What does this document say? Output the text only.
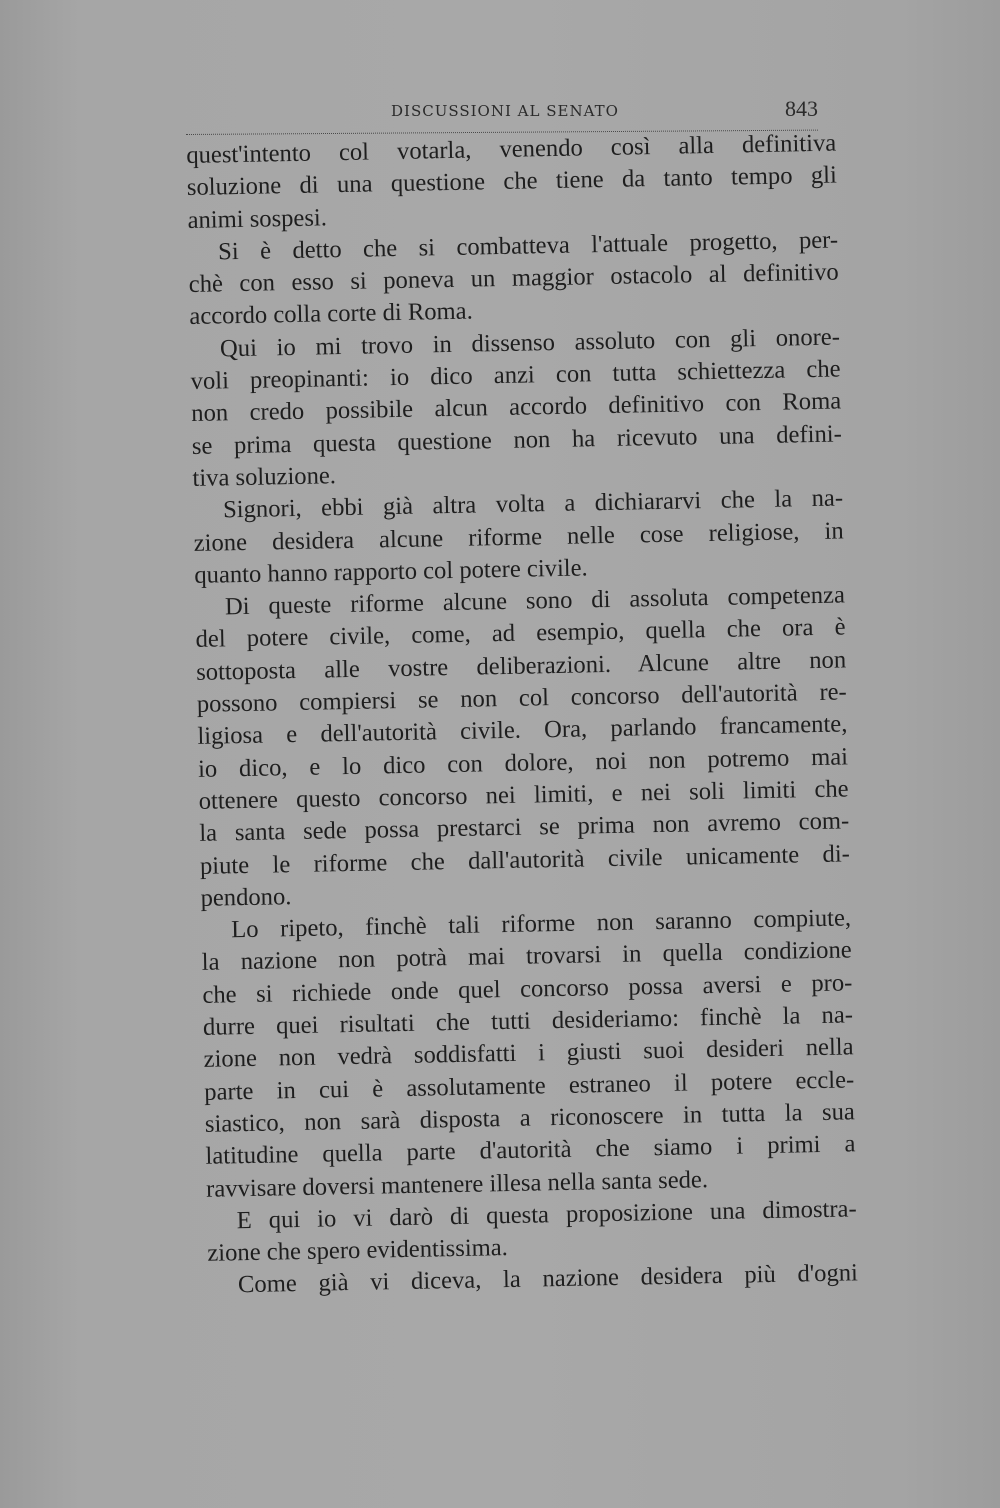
DISCUSSIONI AL SENATO	843
quest'intento col votarla, venendo così alla definitiva
soluzione di una questione che tiene da tanto tempo gli
animi sospesi.
Si è detto che si combatteva l'attuale progetto, per-
chè con esso si poneva un maggior ostacolo al definitivo
accordo colla corte di Roma.
Qui io mi trovo in dissenso assoluto con gli onore-
voli preopinanti: io dico anzi con tutta schiettezza che
non credo possibile alcun accordo definitivo con Roma
se prima questa questione non ha ricevuto una defini-
tiva soluzione.
Signori, ebbi già altra volta a dichiararvi che la na-
zione desidera alcune riforme nelle cose religiose, in
quanto hanno rapporto col potere civile.
Di queste riforme alcune sono di assoluta competenza
del potere civile, come, ad esempio, quella che ora è
sottoposta alle vostre deliberazioni. Alcune altre non
possono compiersi se non col concorso dell'autorità re-
ligiosa e dell'autorità civile. Ora, parlando francamente,
io dico, e lo dico con dolore, noi non potremo mai
ottenere questo concorso nei limiti, e nei soli limiti che
la santa sede possa prestarci se prima non avremo com-
piute le riforme che dall'autorità civile unicamente di-
pendono.
Lo ripeto, finchè tali riforme non saranno compiute,
la nazione non potrà mai trovarsi in quella condizione
che si richiede onde quel concorso possa aversi e pro-
durre quei risultati che tutti desideriamo: finchè la na-
zione non vedrà soddisfatti i giusti suoi desideri nella
parte in cui è assolutamente estraneo il potere eccle-
siastico, non sarà disposta a riconoscere in tutta la sua
latitudine quella parte d'autorità che siamo i primi a
ravvisare doversi mantenere illesa nella santa sede.
E qui io vi darò di questa proposizione una dimostra-
zione che spero evidentissima.
Come già vi diceva, la nazione desidera più d'ogni
